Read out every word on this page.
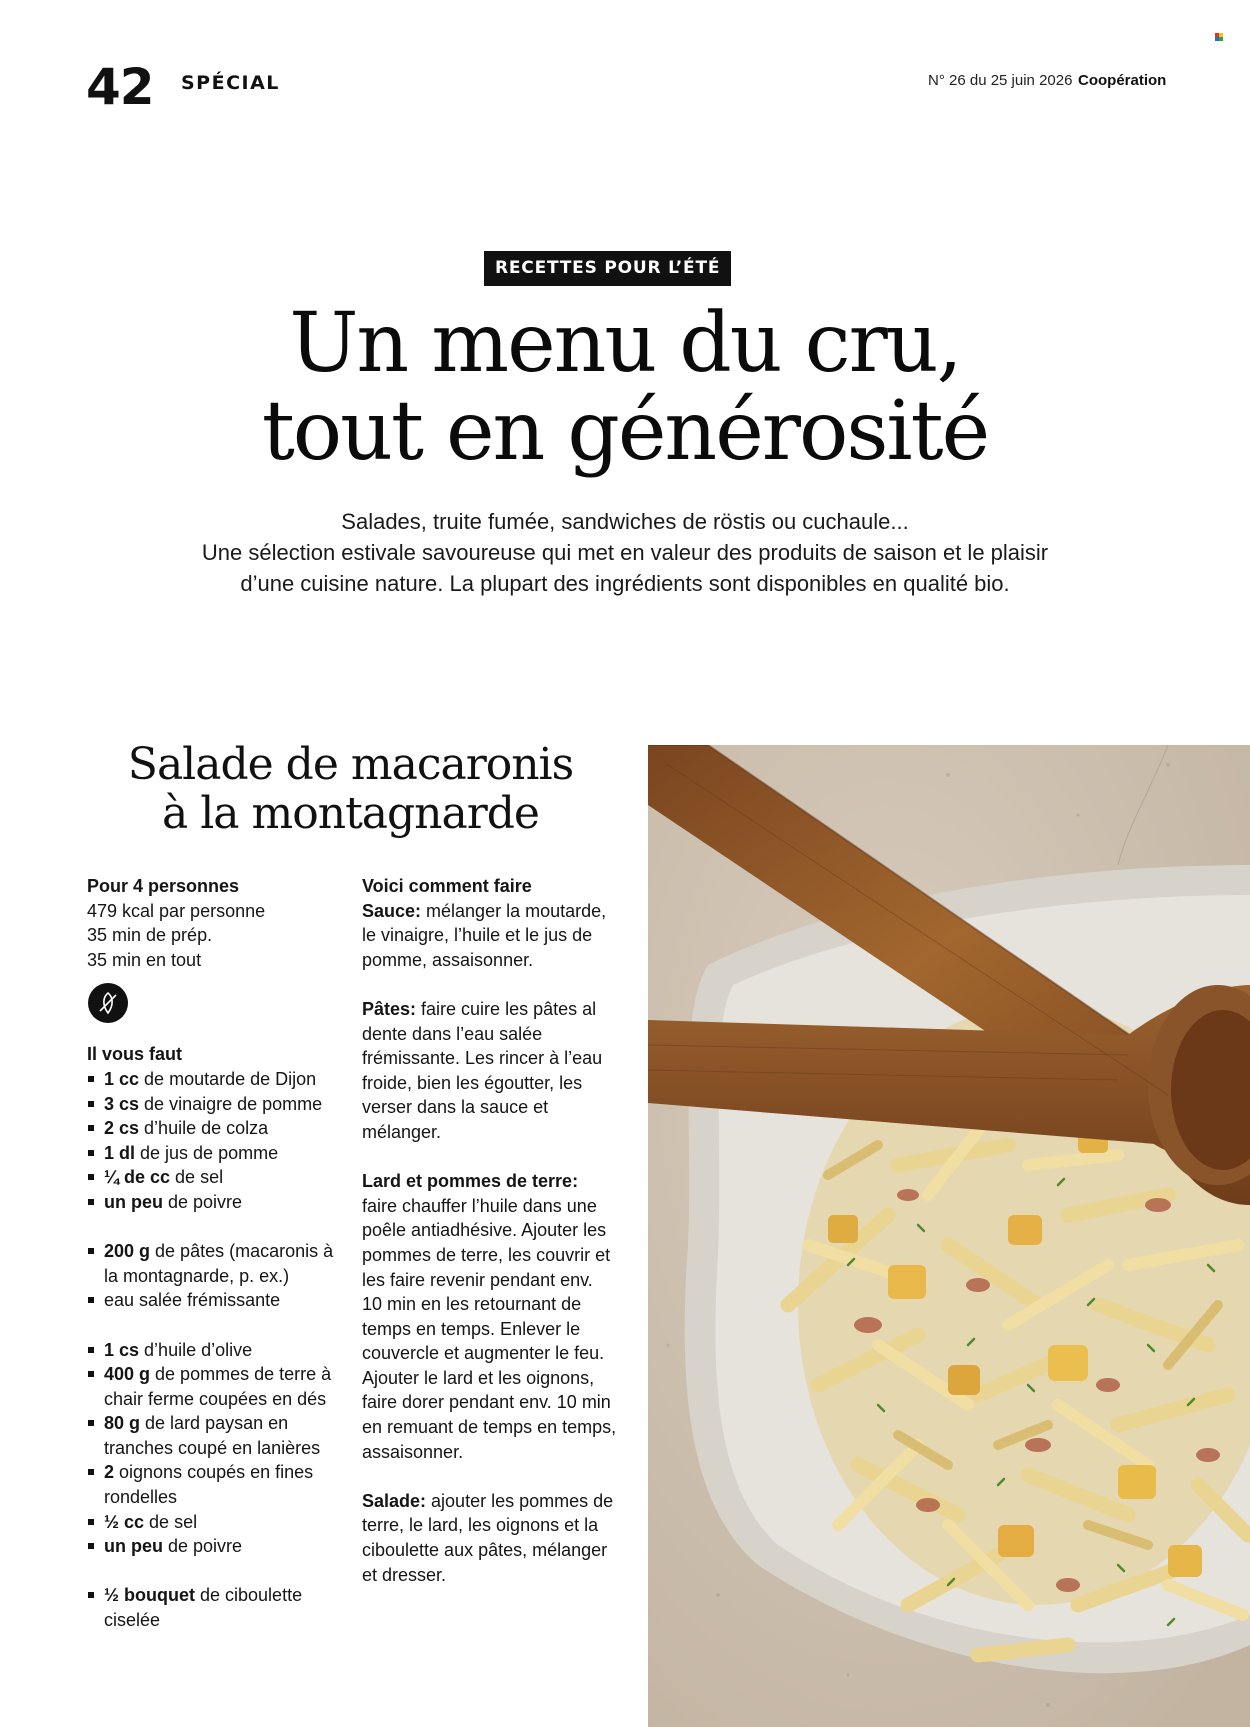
42 SPÉCIAL	N° 26 du 25 juin 2026 Coopération
RECETTES POUR L’ÉTÉ
Un menu du cru,
tout en générosité
Salades, truite fumée, sandwiches de röstis ou cuchaule...
Une sélection estivale savoureuse qui met en valeur des produits de saison et le plaisir
d’une cuisine nature. La plupart des ingrédients sont disponibles en qualité bio.
Salade de macaronis
à la montagnarde
Pour 4 personnes
479 kcal par personne
35 min de prép.
35 min en tout
Il vous faut
1 cc de moutarde de Dijon
3 cs de vinaigre de pomme
2 cs d’huile de colza
1 dl de jus de pomme
¼ de cc de sel
un peu de poivre
200 g de pâtes (macaronis à la montagnarde, p. ex.)
eau salée frémissante
1 cs d’huile d’olive
400 g de pommes de terre à chair ferme coupées en dés
80 g de lard paysan en tranches coupé en lanières
2 oignons coupés en fines rondelles
½ cc de sel
un peu de poivre
½ bouquet de ciboulette ciselée
Voici comment faire
Sauce: mélanger la moutarde, le vinaigre, l’huile et le jus de pomme, assaisonner.
Pâtes: faire cuire les pâtes al dente dans l’eau salée frémissante. Les rincer à l’eau froide, bien les égoutter, les verser dans la sauce et mélanger.
Lard et pommes de terre: faire chauffer l’huile dans une poêle antiadhésive. Ajouter les pommes de terre, les couvrir et les faire revenir pendant env. 10 min en les retournant de temps en temps. Enlever le couvercle et augmenter le feu. Ajouter le lard et les oignons, faire dorer pendant env. 10 min en remuant de temps en temps, assaisonner.
Salade: ajouter les pommes de terre, le lard, les oignons et la ciboulette aux pâtes, mélanger et dresser.
